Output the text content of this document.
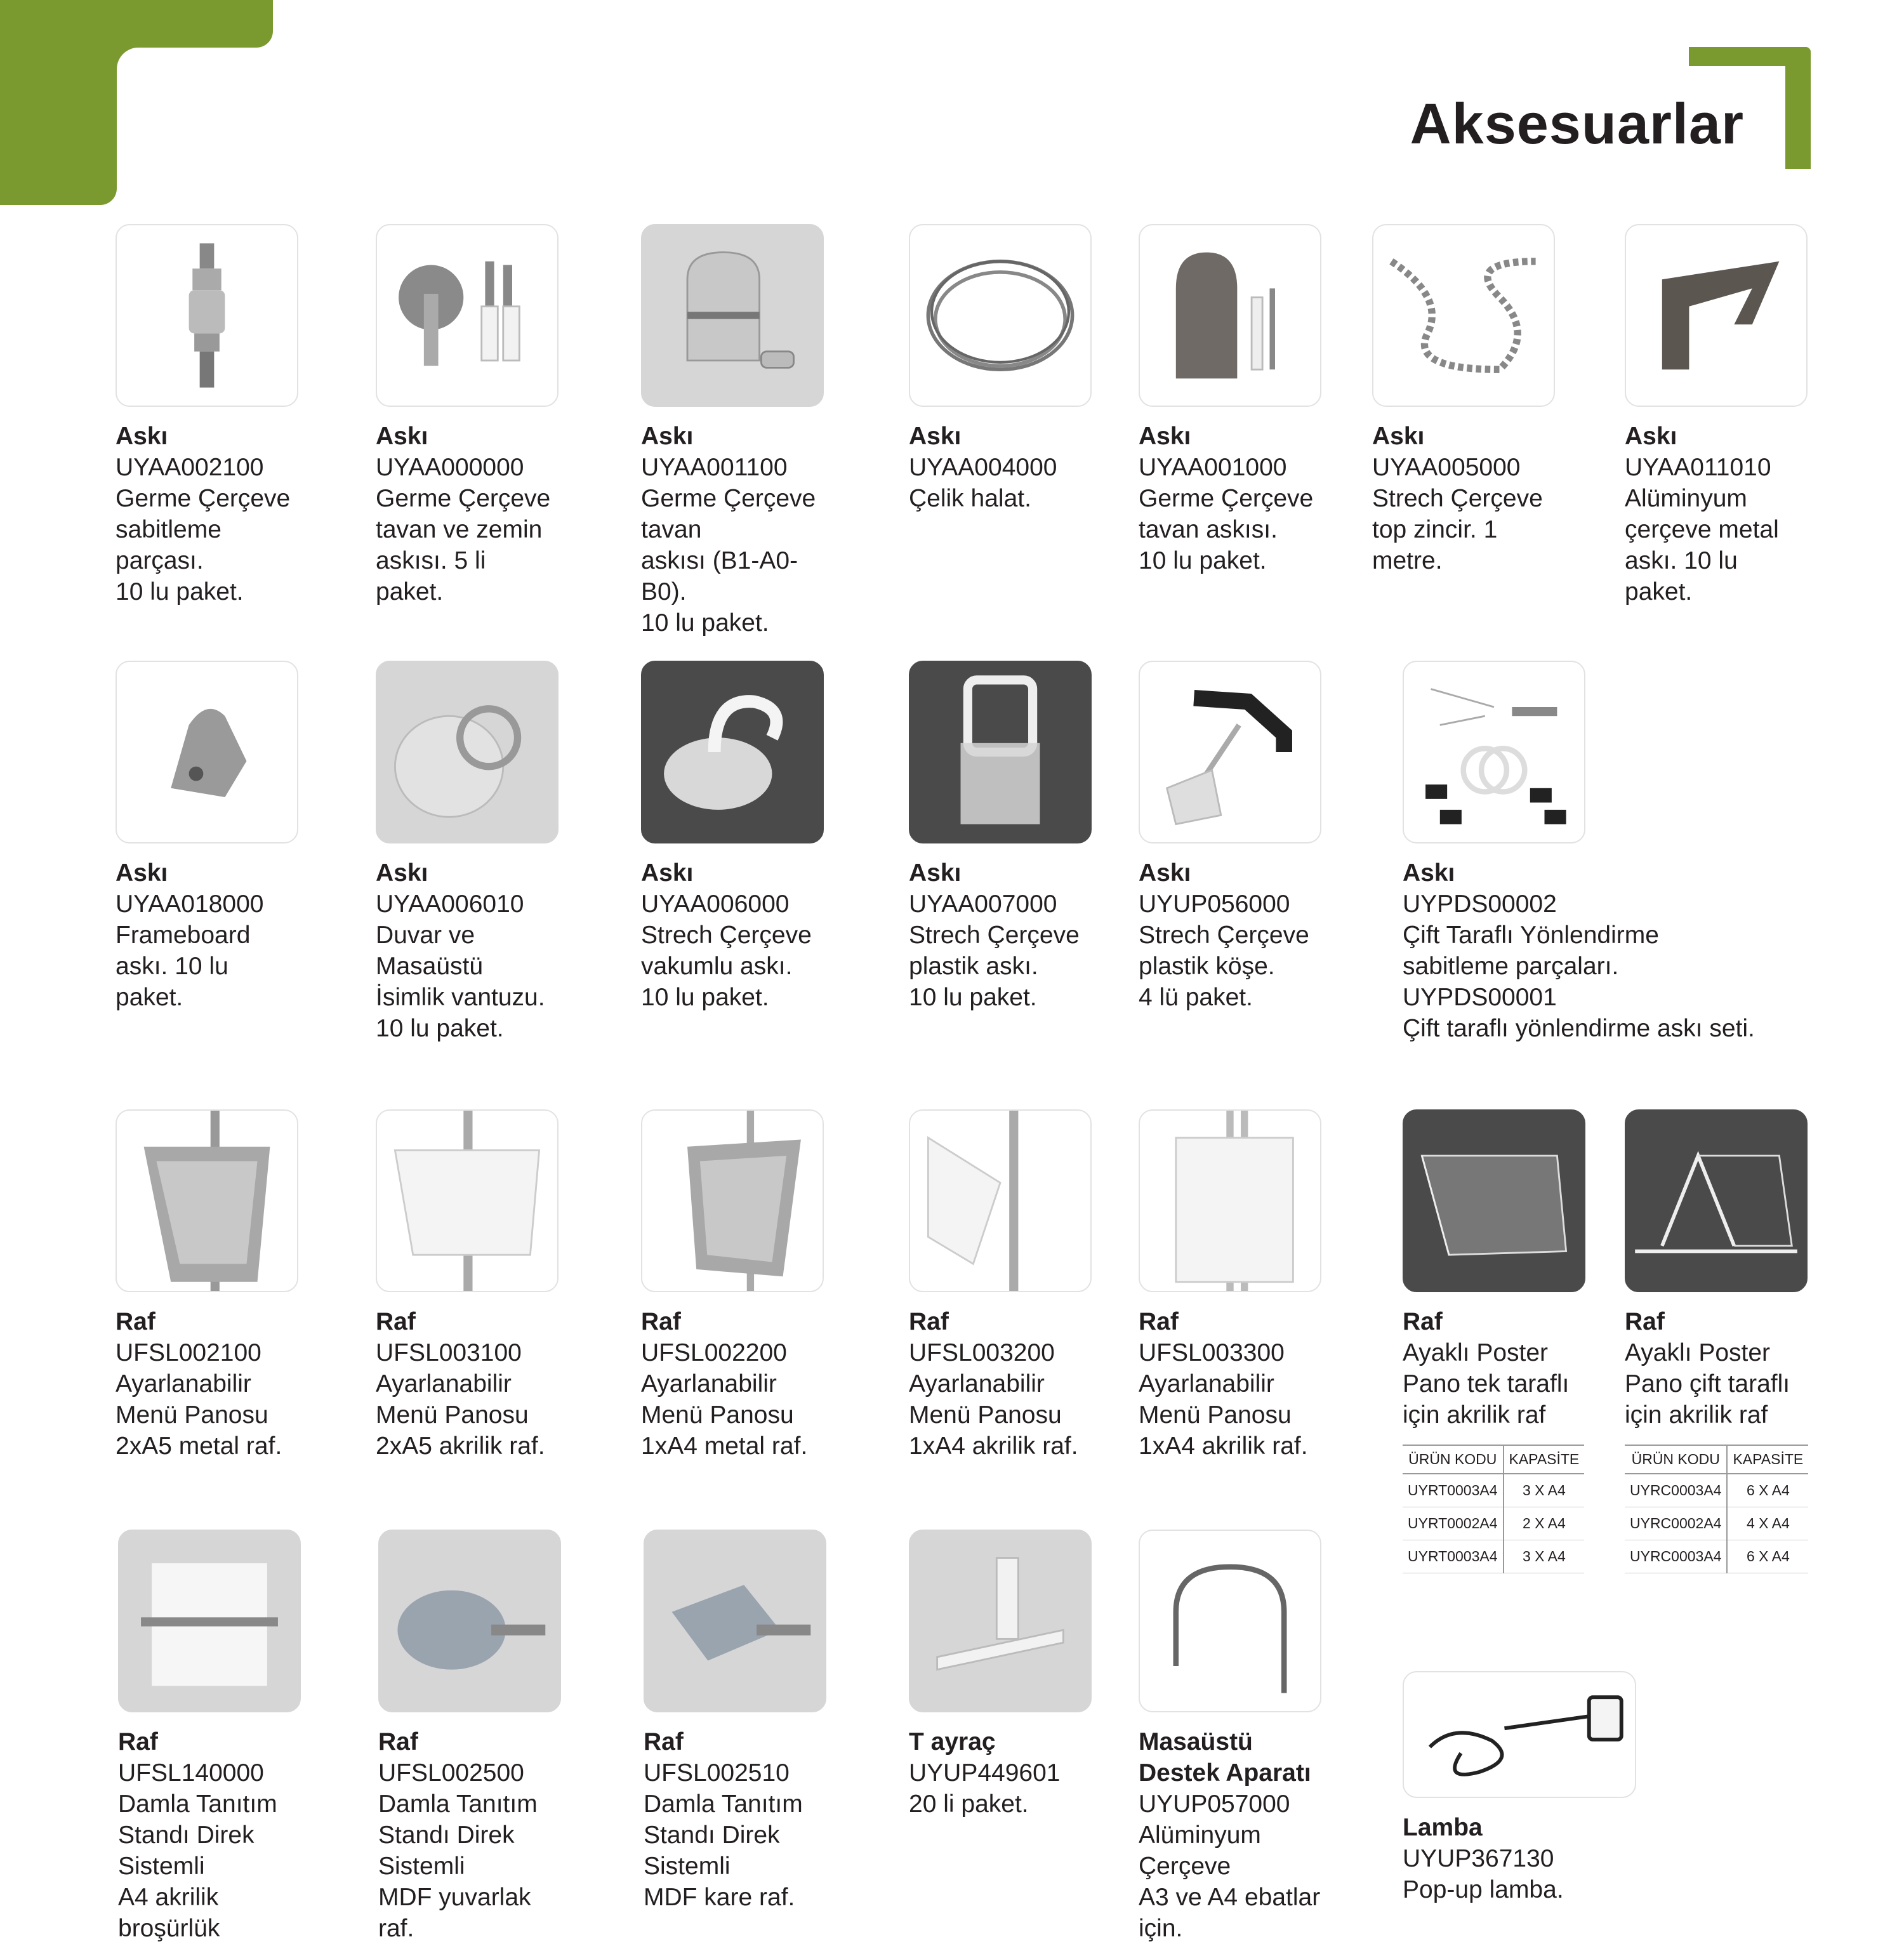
Aksesuarlar
Askı
UYAA002100
Germe Çerçeve
sabitleme parçası.
10 lu paket.
Askı
UYAA000000
Germe Çerçeve
tavan ve zemin
askısı. 5 li paket.
Askı
UYAA001100
Germe Çerçeve tavan
askısı (B1-A0-B0).
10 lu paket.
Askı
UYAA004000
Çelik halat.
Askı
UYAA001000
Germe Çerçeve
tavan askısı.
10 lu paket.
Askı
UYAA005000
Strech Çerçeve
top zincir. 1 metre.
Askı
UYAA011010
Alüminyum
çerçeve metal
askı. 10 lu paket.
Askı
UYAA018000
Frameboard
askı. 10 lu paket.
Askı
UYAA006010
Duvar ve Masaüstü
İsimlik vantuzu.
10 lu paket.
Askı
UYAA006000
Strech Çerçeve
vakumlu askı.
10 lu paket.
Askı
UYAA007000
Strech Çerçeve
plastik askı.
10 lu paket.
Askı
UYUP056000
Strech Çerçeve
plastik köşe.
4 lü paket.
Askı
UYPDS00002
Çift Taraflı Yönlendirme
sabitleme parçaları.
UYPDS00001
Çift taraflı yönlendirme askı seti.
Raf
UFSL002100
Ayarlanabilir
Menü Panosu
2xA5 metal raf.
Raf
UFSL003100
Ayarlanabilir
Menü Panosu
2xA5 akrilik raf.
Raf
UFSL002200
Ayarlanabilir
Menü Panosu
1xA4 metal raf.
Raf
UFSL003200
Ayarlanabilir
Menü Panosu
1xA4 akrilik raf.
Raf
UFSL003300
Ayarlanabilir
Menü Panosu
1xA4 akrilik raf.
Raf
Ayaklı Poster
Pano tek taraflı
için akrilik raf
Raf
Ayaklı Poster
Pano çift taraflı
için akrilik raf
ÜRÜN KODU	KAPASİTE
UYRT0003A4	3 X A4
UYRT0002A4	2 X A4
UYRT0003A4	3 X A4
ÜRÜN KODU	KAPASİTE
UYRC0003A4	6 X A4
UYRC0002A4	4 X A4
UYRC0003A4	6 X A4
Raf
UFSL140000
Damla Tanıtım
Standı Direk Sistemli
A4 akrilik broşürlük
Raf
UFSL002500
Damla Tanıtım
Standı Direk Sistemli
MDF yuvarlak raf.
Raf
UFSL002510
Damla Tanıtım
Standı Direk Sistemli
MDF kare raf.
T ayraç
UYUP449601
20 li paket.
Masaüstü
Destek Aparatı
UYUP057000
Alüminyum Çerçeve
A3 ve A4 ebatlar için.
Lamba
UYUP367130
Pop-up lamba.
